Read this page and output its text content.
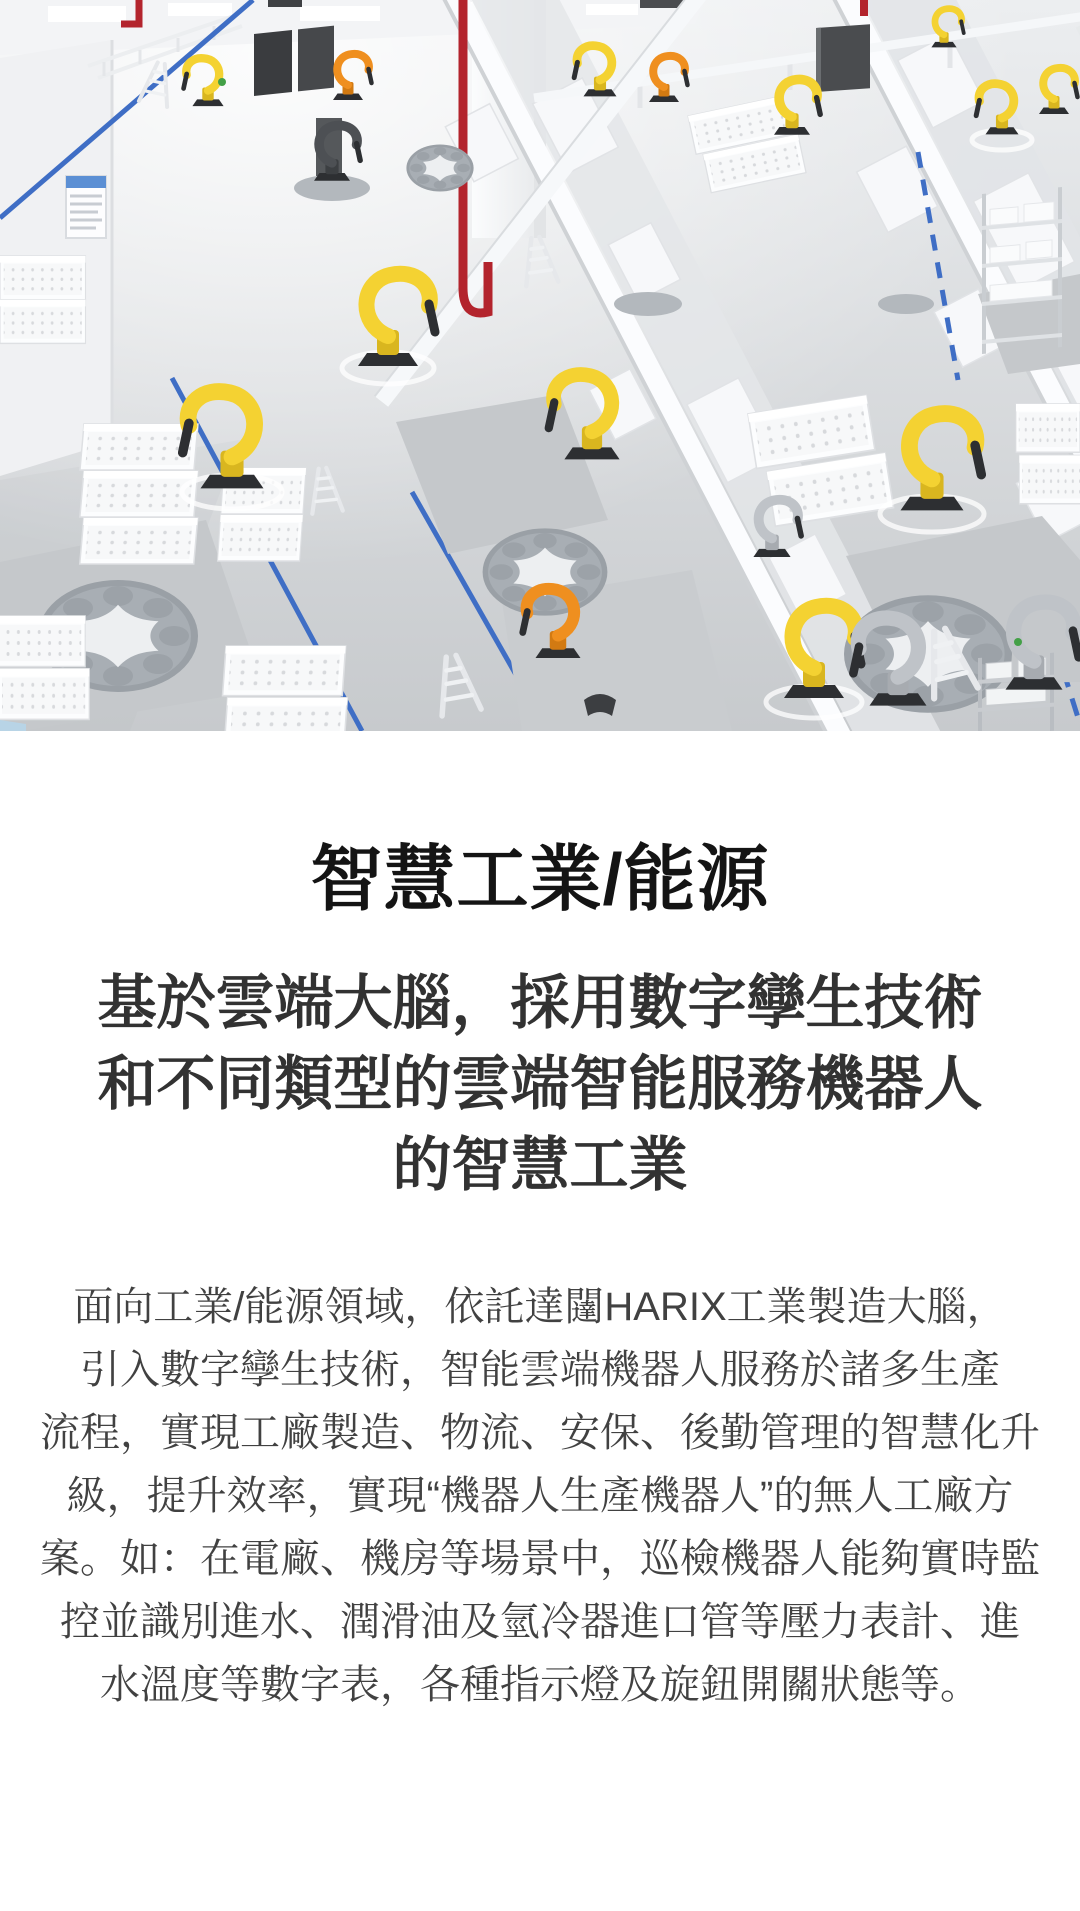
智慧工業/能源
基於雲端大腦，採用數字孿生技術
和不同類型的雲端智能服務機器人
的智慧工業

面向工業/能源領域，依託達闥HARIX工業製造大腦，
引入數字孿生技術，智能雲端機器人服務於諸多生產
流程，實現工廠製造、物流、安保、後勤管理的智慧化升
級，提升效率，實現“機器人生產機器人”的無人工廠方
案。如：在電廠、機房等場景中，巡檢機器人能夠實時監
控並識別進水、潤滑油及氫冷器進口管等壓力表計、進
水溫度等數字表，各種指示燈及旋鈕開關狀態等。
